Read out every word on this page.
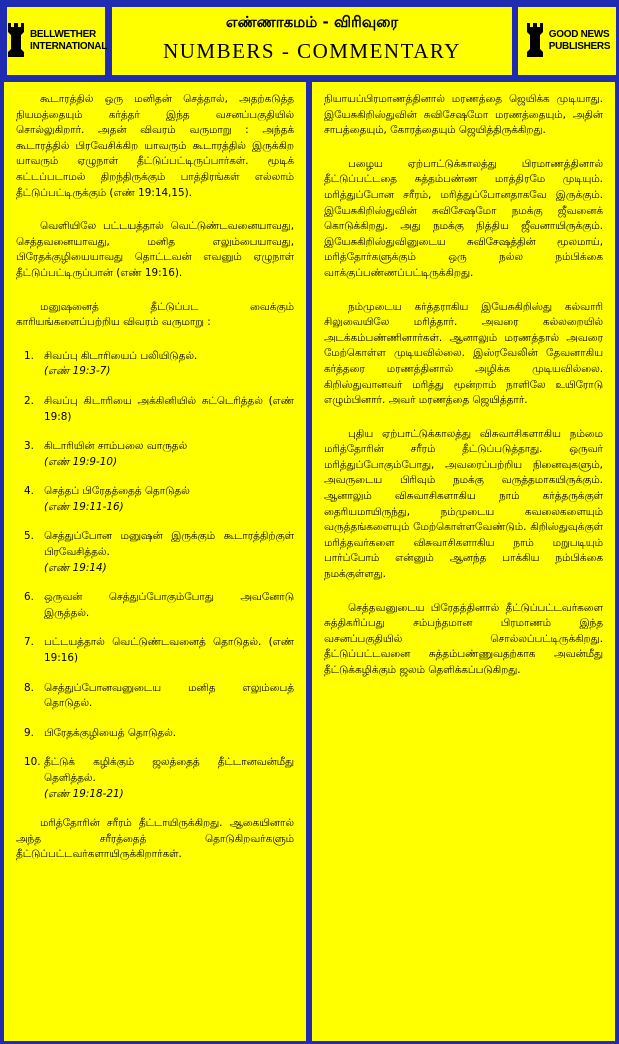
BELLWETHER
INTERNATIONAL
எண்ணாகமம் - விரிவுரை
NUMBERS - COMMENTARY
GOOD NEWS
PUBLISHERS

கூடாரத்தில் ஒரு மனிதன் செத்தால், அதற்கடுத்த நியமத்தையும் கர்த்தர் இந்த வசனப்பகுதியில் சொல்லுகிறார். அதன் விவரம் வருமாறு : அந்தக் கூடாரத்தில் பிரவேசிக்கிற யாவரும் கூடாரத்தில் இருக்கிற யாவரும் ஏழுநாள் தீட்டுப்பட்டிருப்பார்கள். மூடிக் கட்டப்படாமல் திறந்திருக்கும் பாத்திரங்கள் எல்லாம் தீட்டுப்பட்டிருக்கும் (எண் 19:14,15).

வெளியிலே பட்டயத்தால் வெட்டுண்டவனையாவது, செத்தவனையாவது, மனித எலும்பையாவது, பிரேதக்குழியையாவது தொட்டவன் எவனும் ஏழுநாள் தீட்டுப்பட்டிருப்பான் (எண் 19:16).

மனுஷனைத் தீட்டுப்பட வைக்கும் காரியங்களைப்பற்றிய விவரம் வருமாறு :

1. சிவப்பு கிடாரியைப் பலியிடுதல்.
(எண் 19:3-7)
2. சிவப்பு கிடாரியை அக்கினியில் சுட்டெரித்தல் (எண் 19:8)
3. கிடாரியின் சாம்பலை வாருதல்
(எண் 19:9-10)
4. செத்தப் பிரேதத்தைத் தொடுதல்
(எண் 19:11-16)
5. செத்துப்போன மனுஷன் இருக்கும் கூடாரத்திற்குள் பிரவேசித்தல்.
(எண் 19:14)
6. ஒருவன் செத்துப்போகும்போது அவனோடு இருத்தல்.
7. பட்டயத்தால் வெட்டுண்டவனைத் தொடுதல். (எண் 19:16)
8. செத்துப்போனவனுடைய மனித எலும்பைத் தொடுதல்.
9. பிரேதக்குழியைத் தொடுதல்.
10. தீட்டுக் கழிக்கும் ஜலத்தைத் தீட்டானவன்மீது தெளித்தல்.
(எண் 19:18-21)

மரித்தோரின் சரீரம் தீட்டாயிருக்கிறது. ஆகையினால் அந்த சரீரத்தைத் தொடுகிறவர்களும் தீட்டுப்பட்டவர்களாயிருக்கிறார்கள்.

நியாயப்பிரமாணத்தினால் மரணத்தை ஜெயிக்க முடியாது. இயேசுகிறிஸ்துவின் சுவிசேஷமோ மரணத்தையும், அதின் சாபத்தையும், கோரத்தையும் ஜெயித்திருக்கிறது.

பழைய ஏற்பாட்டுக்காலத்து பிரமாணத்தினால் தீட்டுப்பட்டதை சுத்தம்பண்ண மாத்திரமே முடியும். மரித்துப்போன சரீரம், மரித்துப்போனதாகவே இருக்கும். இயேசுகிறிஸ்துவின் சுவிசேஷமோ நமக்கு ஜீவனைக் கொடுக்கிறது. அது நமக்கு நித்திய ஜீவனாயிருக்கும். இயேசுகிறிஸ்துவினுடைய சுவிசேஷத்தின் மூலமாய், மரித்தோர்களுக்கும் ஒரு நல்ல நம்பிக்கை வாக்குப்பண்ணப்பட்டிருக்கிறது.

நம்முடைய கர்த்தராகிய இயேசுகிறிஸ்து கல்வாரி சிலுவையிலே மரித்தார். அவரை கல்லறையில் அடக்கம்பண்ணினார்கள். ஆனாலும் மரணத்தால் அவரை மேற்கொள்ள முடியவில்லை. இஸ்ரவேலின் தேவனாகிய கர்த்தரை மரணத்தினால் அழிக்க முடியவில்லை. கிறிஸ்துவானவர் மரித்து மூன்றாம் நாளிலே உயிரோடு எழும்பினார். அவர் மரணத்தை ஜெயித்தார்.

புதிய ஏற்பாட்டுக்காலத்து விசுவாசிகளாகிய நம்மை மரித்தோரின் சரீரம் தீட்டுப்படுத்தாது. ஒருவர் மரித்துப்போகும்போது, அவரைப்பற்றிய நினைவுகளும், அவருடைய பிரிவும் நமக்கு வருத்தமாகயிருக்கும். ஆனாலும் விசுவாசிகளாகிய நாம் கர்த்தருக்குள் தைரியமாயிருந்து, நம்முடைய கவலைகளையும் வருத்தங்களையும் மேற்கொள்ளவேண்டும். கிறிஸ்துவுக்குள் மரித்தவர்களை விசுவாசிகளாகிய நாம் மறுபடியும் பார்ப்போம் என்னும் ஆனந்த பாக்கிய நம்பிக்கை நமக்குள்ளது.

செத்தவனுடைய பிரேதத்தினால் தீட்டுப்பட்டவர்களை சுத்திகரிப்பது சம்பந்தமான பிரமாணம் இந்த வசனப்பகுதியில் சொல்லப்பட்டிருக்கிறது. தீட்டுப்பட்டவனை சுத்தம்பண்ணுவதற்காக அவன்மீது தீட்டுக்கழிக்கும் ஜலம் தெளிக்கப்படுகிறது.
